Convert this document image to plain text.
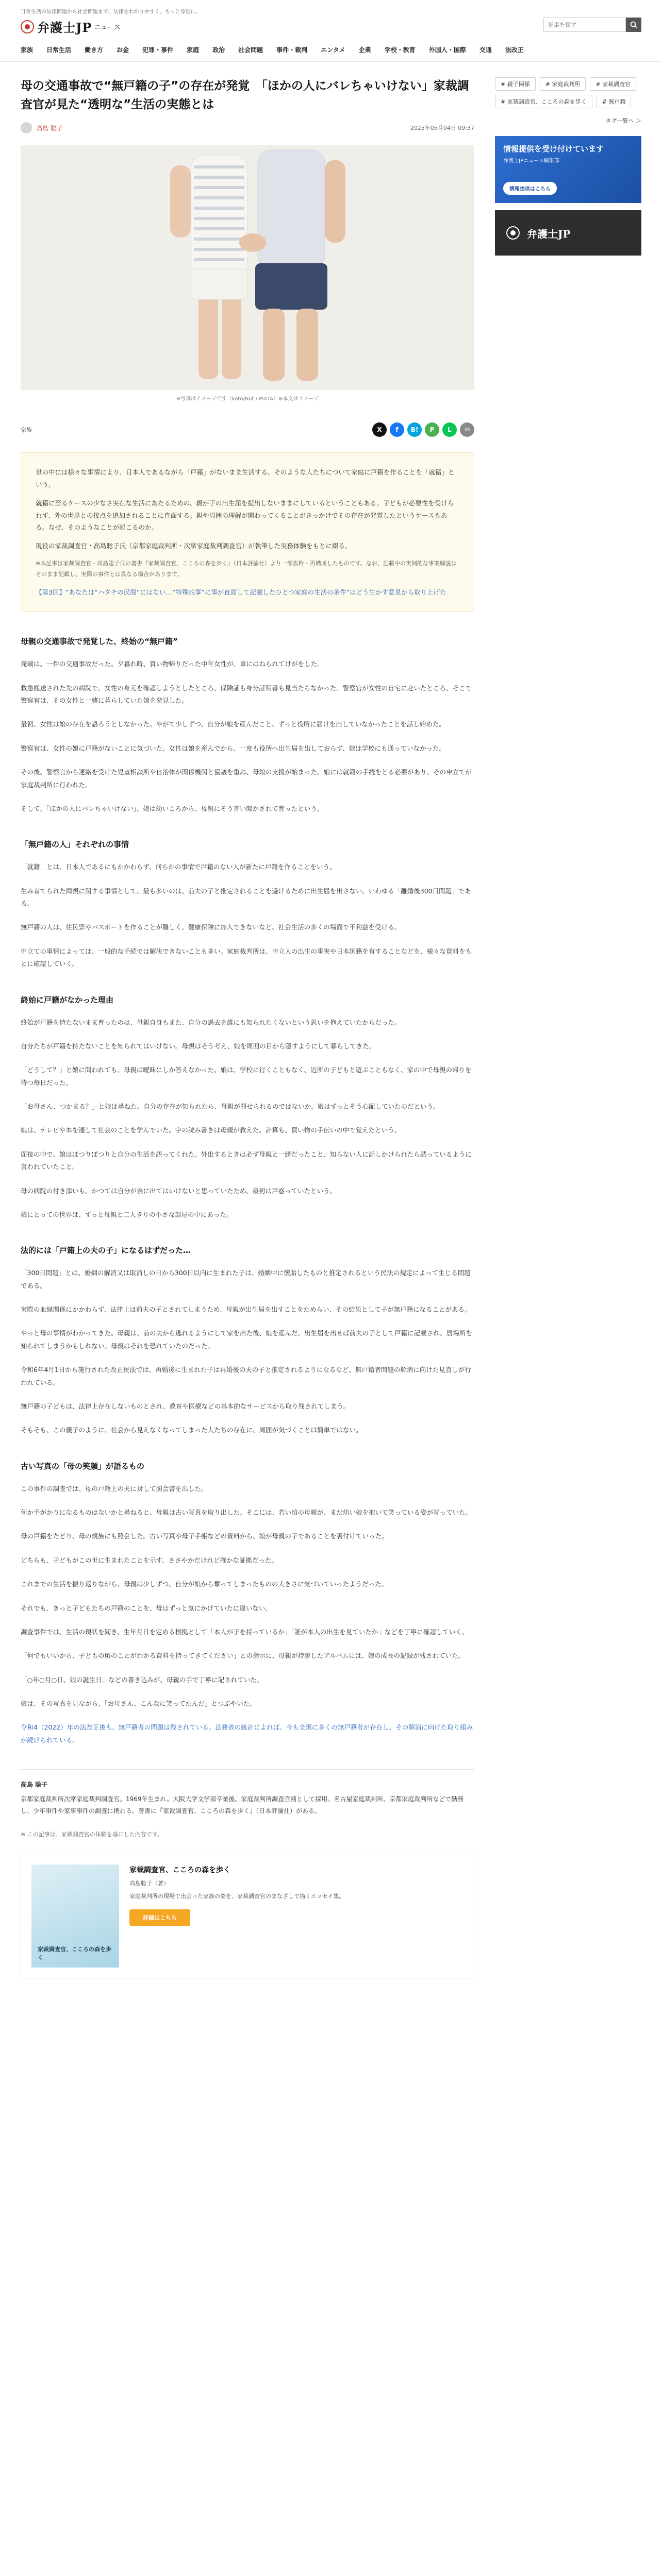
日常生活の法律問題から社会問題まで、法律をわかりやすく。もっと身近に。
弁護士JP ニュース
記事を探す
家族 日常生活 働き方 お金 犯罪・事件 家庭 政治 社会問題 事件・裁判 エンタメ 企業 学校・教育 外国人・国際 交通 法改正
母の交通事故で“無戸籍の子”の存在が発覚　「ほかの人にバレちゃいけない」家裁調査官が見た“透明な”生活の実態とは
高島 聡子	2025年05月04日 09:37
※写真はイメージです（koto/Nut / PIXTA）※本文はイメージ
家族	X	f	B!	P	L	✉

世の中には様々な事情により、日本人であるながら「戸籍」がないまま生活する、そのような人たちについて家庭に戸籍を作ることを「就籍」という。

就籍に至るケースの少なさ実在な生活にあたるための、親が子の出生届を提出しないままにしているということもある。子どもが必要性を受けられず、外の世界との接点を追加されることに直面する。親や周囲の理解が関わってくることがきっかけでその存在が発覚したというケースもある。なぜ、そのようなことが起こるのか。

現役の家裁調査官・高島聡子氏（京都家庭裁判所・次席家庭裁判調査官）が執筆した実務体験をもとに綴る。

※本記事は家裁調査官・高島聡子氏の著書『家裁調査官、こころの森を歩く』（日本評論社）より一部抜粋・再構成したものです。なお、記載中の実例的な事案解説はそのまま記載し、実際の事件とは異なる場合があります。

【第3回】“あなたは“ハタチの民間”にはない…“特殊的事”に事が直面して記載したひとつ家庭の生活の条件”はどう生かす意見から取り上げた

母親の交通事故で発覚した、終始の“無戸籍”

発端は、一件の交通事故だった。夕暮れ時、買い物帰りだった中年女性が、車にはねられてけがをした。

救急搬送された先の病院で、女性の身元を確認しようとしたところ、保険証も身分証明書も見当たらなかった。警察官が女性の自宅に赴いたところ、そこで警察官は、その女性と一緒に暮らしていた娘を発見した。

最初、女性は娘の存在を語ろうとしなかった。やがて少しずつ、自分が娘を産んだこと、ずっと役所に届けを出していなかったことを話し始めた。

警察官は、女性の娘に戸籍がないことに気づいた。女性は娘を産んでから、一度も役所へ出生届を出しておらず、娘は学校にも通っていなかった。

その後、警察官から連絡を受けた児童相談所や自治体が関係機関と協議を重ね、母娘の支援が始まった。娘には就籍の手続をとる必要があり、その申立てが家庭裁判所に行われた。

そして、「ほかの人にバレちゃいけない」。娘は幼いころから、母親にそう言い聞かされて育ったという。

「無戸籍の人」それぞれの事情

「就籍」とは、日本人であるにもかかわらず、何らかの事情で戸籍のない人が新たに戸籍を作ることをいう。

生み育てられた両親に関する事情として、最も多いのは、前夫の子と推定されることを避けるために出生届を出さない、いわゆる「離婚後300日問題」である。

無戸籍の人は、住民票やパスポートを作ることが難しく、健康保険に加入できないなど、社会生活の多くの場面で不利益を受ける。

申立ての事情によっては、一般的な手続では解決できないことも多い。家庭裁判所は、申立人の出生の事実や日本国籍を有することなどを、様々な資料をもとに確認していく。

終始に戸籍がなかった理由

終始が戸籍を持たないまま育ったのは、母親自身もまた、自分の過去を誰にも知られたくないという思いを抱えていたからだった。

自分たちが戸籍を持たないことを知られてはいけない。母親はそう考え、娘を周囲の目から隠すようにして暮らしてきた。

「どうして？」と娘に問われても、母親は曖昧にしか答えなかった。娘は、学校に行くこともなく、近所の子どもと遊ぶこともなく、家の中で母親の帰りを待つ毎日だった。

「お母さん、つかまる？」と娘は尋ねた。自分の存在が知られたら、母親が罰せられるのではないか。娘はずっとそう心配していたのだという。

娘は、テレビや本を通して社会のことを学んでいた。字の読み書きは母親が教えた。計算も、買い物の手伝いの中で覚えたという。

面接の中で、娘はぽつりぽつりと自分の生活を語ってくれた。外出するときは必ず母親と一緒だったこと、知らない人に話しかけられたら黙っているように言われていたこと。

母の病院の付き添いも、かつては自分が表に出てはいけないと思っていたため、最初は戸惑っていたという。

娘にとっての世界は、ずっと母親と二人きりの小さな部屋の中にあった。

法的には「戸籍上の夫の子」になるはずだった…

「300日問題」とは、婚姻の解消又は取消しの日から300日以内に生まれた子は、婚姻中に懐胎したものと推定されるという民法の規定によって生じる問題である。

実際の血縁関係にかかわらず、法律上は前夫の子とされてしまうため、母親が出生届を出すことをためらい、その結果として子が無戸籍になることがある。

やっと母の事情がわかってきた。母親は、前の夫から逃れるようにして家を出た後、娘を産んだ。出生届を出せば前夫の子として戸籍に記載され、居場所を知られてしまうかもしれない。母親はそれを恐れていたのだった。

令和6年4月1日から施行された改正民法では、再婚後に生まれた子は再婚後の夫の子と推定されるようになるなど、無戸籍者問題の解消に向けた見直しが行われている。

無戸籍の子どもは、法律上存在しないものとされ、教育や医療などの基本的なサービスから取り残されてしまう。

そもそも、この親子のように、社会から見えなくなってしまった人たちの存在に、周囲が気づくことは簡単ではない。

古い写真の「母の笑顔」が語るもの

この事件の調査では、母の戸籍上の夫に対して照会書を出した。

何か手がかりになるものはないかと尋ねると、母親は古い写真を取り出した。そこには、若い頃の母親が、まだ幼い娘を抱いて笑っている姿が写っていた。

母の戸籍をたどり、母の親族にも照会した。古い写真や母子手帳などの資料から、娘が母親の子であることを裏付けていった。

どちらも、子どもがこの世に生まれたことを示す、ささやかだけれど確かな証拠だった。

これまでの生活を振り返りながら、母親は少しずつ、自分が娘から奪ってしまったものの大きさに気づいていったようだった。

それでも、きっと子どもたちの戸籍のことを、母はずっと気にかけていたに違いない。

調査事件では、生活の現状を聞き、生年月日を定める根拠として「本人が子を持っているか」「誰が本人の出生を見ていたか」などを丁寧に確認していく。

「何でもいいから、子どもの頃のことがわかる資料を持ってきてください」との指示に、母親が持参したアルバムには、娘の成長の記録が残されていた。

「○年○月○日、娘の誕生日」などの書き込みが、母親の手で丁寧に記されていた。

娘は、その写真を見ながら、「お母さん、こんなに笑ってたんだ」とつぶやいた。

令和4（2022）年の法改正後も、無戸籍者の問題は残されている。法務省の統計によれば、今も全国に多くの無戸籍者が存在し、その解消に向けた取り組みが続けられている。

高島 聡子
京都家庭裁判所次席家庭裁判調査官。1969年生まれ。大阪大学文学部卒業後、家庭裁判所調査官補として採用。名古屋家庭裁判所、京都家庭裁判所などで勤務し、少年事件や家事事件の調査に携わる。著書に『家裁調査官、こころの森を歩く』（日本評論社）がある。
※ この記事は、家裁調査官の体験を基にした内容です。
家裁調査官、こころの森を歩く
家裁調査官、こころの森を歩く
高島聡子（著）
家庭裁判所の現場で出会った家族の姿を、家裁調査官のまなざしで描くエッセイ集。
詳細はこちら
# 親子関係	# 家庭裁判所	# 家裁調査官
# 家裁調査官、こころの森を歩く	# 無戸籍
タグ一覧へ ＞
情報提供を受け付けています
弁護士JPニュース編集部
情報提供はこちら
弁護士JP
